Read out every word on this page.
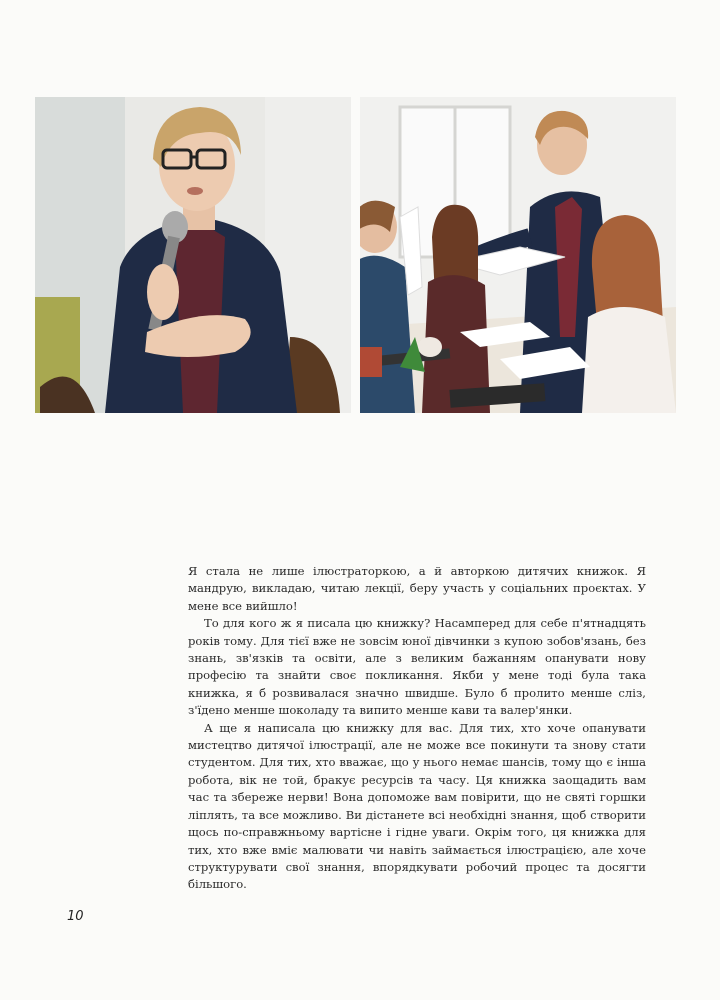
Я стала не лише ілюстраторкою, а й авторкою дитячих книжок. Я мандрую, викладаю, читаю лекції, беру участь у соціальних проєктах. У мене все вийшло!

То для кого ж я писала цю книжку? Насамперед для себе п'ятнадцять років тому. Для тієї вже не зовсім юної дівчинки з купою зобов'язань, без знань, зв'язків та освіти, але з великим бажанням опанувати нову професію та знайти своє покликання. Якби у мене тоді була така книжка, я б розвивалася значно швидше. Було б пролито менше сліз, з'їдено менше шоколаду та випито менше кави та валер'янки.

А ще я написала цю книжку для вас. Для тих, хто хоче опанувати мистецтво дитячої ілюстрації, але не може все покинути та знову стати студентом. Для тих, хто вважає, що у нього немає шансів, тому що є інша робота, вік не той, бракує ресурсів та часу. Ця книжка заощадить вам час та збереже нерви! Вона допоможе вам повірити, що не святі горшки ліплять, та все можливо. Ви дістанете всі необхідні знання, щоб створити щось по-справжньому вартісне і гідне уваги. Окрім того, ця книжка для тих, хто вже вміє малювати чи навіть займається ілюстрацією, але хоче структурувати свої знання, впорядкувати робочий процес та досягти більшого.

10
